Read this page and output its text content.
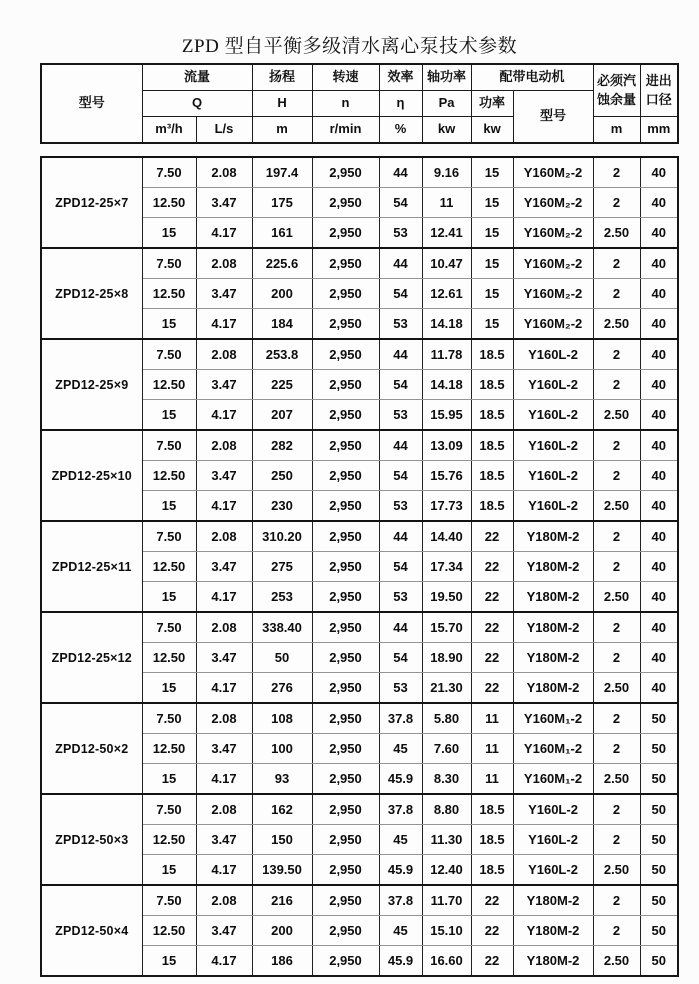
ZPD 型自平衡多级清水离心泵技术参数
型号	流量		扬程	转速	效率	轴功率	配带电动机		必须汽蚀余量	进出口径
	Q		H	n	η	Pa	功率	型号		
	m³/h	L/s	m	r/min	%	kw	kw		m	mm
ZPD12-25×7	7.50	2.08	197.4	2,950	44	9.16	15	Y160M₂-2	2	40
	12.50	3.47	175	2,950	54	11	15	Y160M₂-2	2	40
	15	4.17	161	2,950	53	12.41	15	Y160M₂-2	2.50	40
ZPD12-25×8	7.50	2.08	225.6	2,950	44	10.47	15	Y160M₂-2	2	40
	12.50	3.47	200	2,950	54	12.61	15	Y160M₂-2	2	40
	15	4.17	184	2,950	53	14.18	15	Y160M₂-2	2.50	40
ZPD12-25×9	7.50	2.08	253.8	2,950	44	11.78	18.5	Y160L-2	2	40
	12.50	3.47	225	2,950	54	14.18	18.5	Y160L-2	2	40
	15	4.17	207	2,950	53	15.95	18.5	Y160L-2	2.50	40
ZPD12-25×10	7.50	2.08	282	2,950	44	13.09	18.5	Y160L-2	2	40
	12.50	3.47	250	2,950	54	15.76	18.5	Y160L-2	2	40
	15	4.17	230	2,950	53	17.73	18.5	Y160L-2	2.50	40
ZPD12-25×11	7.50	2.08	310.20	2,950	44	14.40	22	Y180M-2	2	40
	12.50	3.47	275	2,950	54	17.34	22	Y180M-2	2	40
	15	4.17	253	2,950	53	19.50	22	Y180M-2	2.50	40
ZPD12-25×12	7.50	2.08	338.40	2,950	44	15.70	22	Y180M-2	2	40
	12.50	3.47	50	2,950	54	18.90	22	Y180M-2	2	40
	15	4.17	276	2,950	53	21.30	22	Y180M-2	2.50	40
ZPD12-50×2	7.50	2.08	108	2,950	37.8	5.80	11	Y160M₁-2	2	50
	12.50	3.47	100	2,950	45	7.60	11	Y160M₁-2	2	50
	15	4.17	93	2,950	45.9	8.30	11	Y160M₁-2	2.50	50
ZPD12-50×3	7.50	2.08	162	2,950	37.8	8.80	18.5	Y160L-2	2	50
	12.50	3.47	150	2,950	45	11.30	18.5	Y160L-2	2	50
	15	4.17	139.50	2,950	45.9	12.40	18.5	Y160L-2	2.50	50
ZPD12-50×4	7.50	2.08	216	2,950	37.8	11.70	22	Y180M-2	2	50
	12.50	3.47	200	2,950	45	15.10	22	Y180M-2	2	50
	15	4.17	186	2,950	45.9	16.60	22	Y180M-2	2.50	50
